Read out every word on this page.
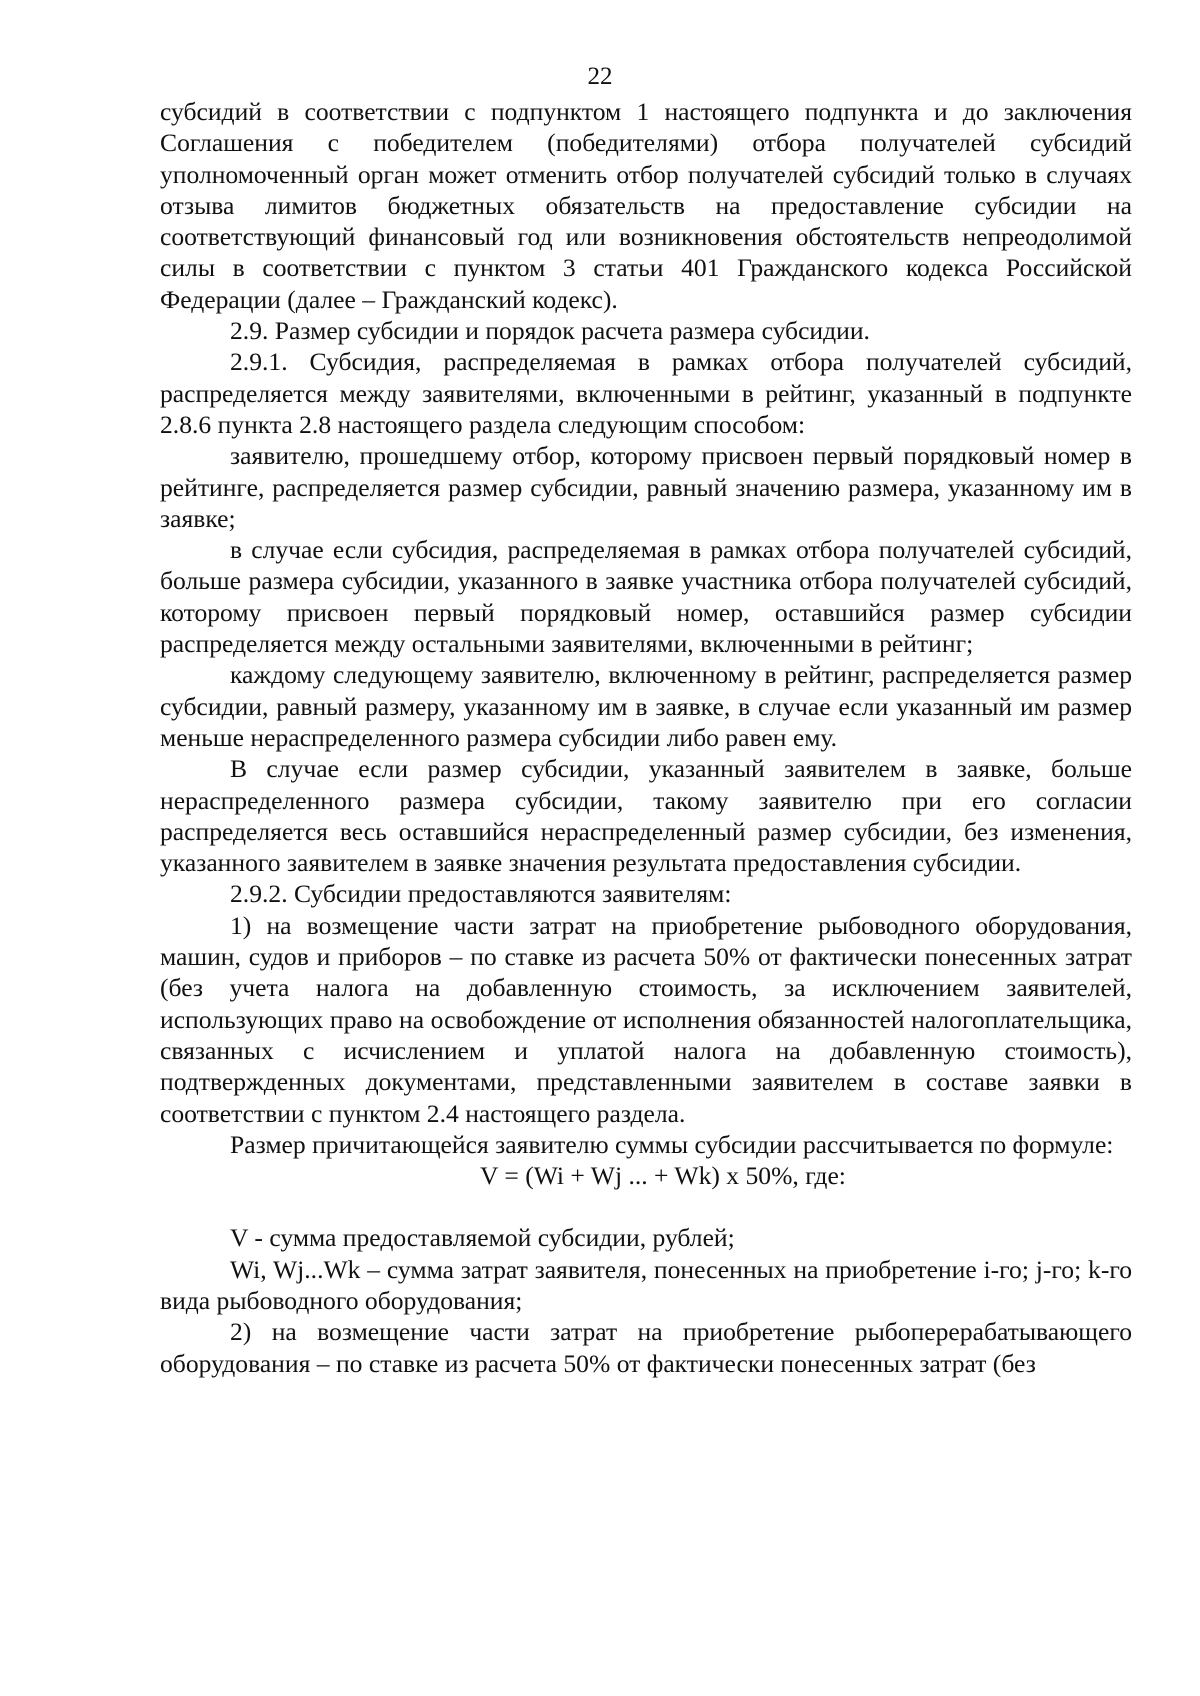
22

субсидий в соответствии с подпунктом 1 настоящего подпункта и до заключения Соглашения с победителем (победителями) отбора получателей субсидий уполномоченный орган может отменить отбор получателей субсидий только в случаях отзыва лимитов бюджетных обязательств на предоставление субсидии на соответствующий финансовый год или возникновения обстоятельств непреодолимой силы в соответствии с пунктом 3 статьи 401 Гражданского кодекса Российской Федерации (далее – Гражданский кодекс).

2.9. Размер субсидии и порядок расчета размера субсидии.

2.9.1. Субсидия, распределяемая в рамках отбора получателей субсидий, распределяется между заявителями, включенными в рейтинг, указанный в подпункте 2.8.6 пункта 2.8 настоящего раздела следующим способом:

заявителю, прошедшему отбор, которому присвоен первый порядковый номер в рейтинге, распределяется размер субсидии, равный значению размера, указанному им в заявке;

в случае если субсидия, распределяемая в рамках отбора получателей субсидий, больше размера субсидии, указанного в заявке участника отбора получателей субсидий, которому присвоен первый порядковый номер, оставшийся размер субсидии распределяется между остальными заявителями, включенными в рейтинг;

каждому следующему заявителю, включенному в рейтинг, распределяется размер субсидии, равный размеру, указанному им в заявке, в случае если указанный им размер меньше нераспределенного размера субсидии либо равен ему.

В случае если размер субсидии, указанный заявителем в заявке, больше нераспределенного размера субсидии, такому заявителю при его согласии распределяется весь оставшийся нераспределенный размер субсидии, без изменения, указанного заявителем в заявке значения результата предоставления субсидии.

2.9.2. Субсидии предоставляются заявителям:

1) на возмещение части затрат на приобретение рыбоводного оборудования, машин, судов и приборов – по ставке из расчета 50% от фактически понесенных затрат (без учета налога на добавленную стоимость, за исключением заявителей, использующих право на освобождение от исполнения обязанностей налогоплательщика, связанных с исчислением и уплатой налога на добавленную стоимость), подтвержденных документами, представленными заявителем в составе заявки в соответствии с пунктом 2.4 настоящего раздела.

Размер причитающейся заявителю суммы субсидии рассчитывается по формуле:

V = (Wi + Wj ... + Wk) x 50%, где:

V - сумма предоставляемой субсидии, рублей;

Wi, Wj...Wk – сумма затрат заявителя, понесенных на приобретение i-го; j-го; k-го вида рыбоводного оборудования;

2) на возмещение части затрат на приобретение рыбоперерабатывающего оборудования – по ставке из расчета 50% от фактически понесенных затрат (без
